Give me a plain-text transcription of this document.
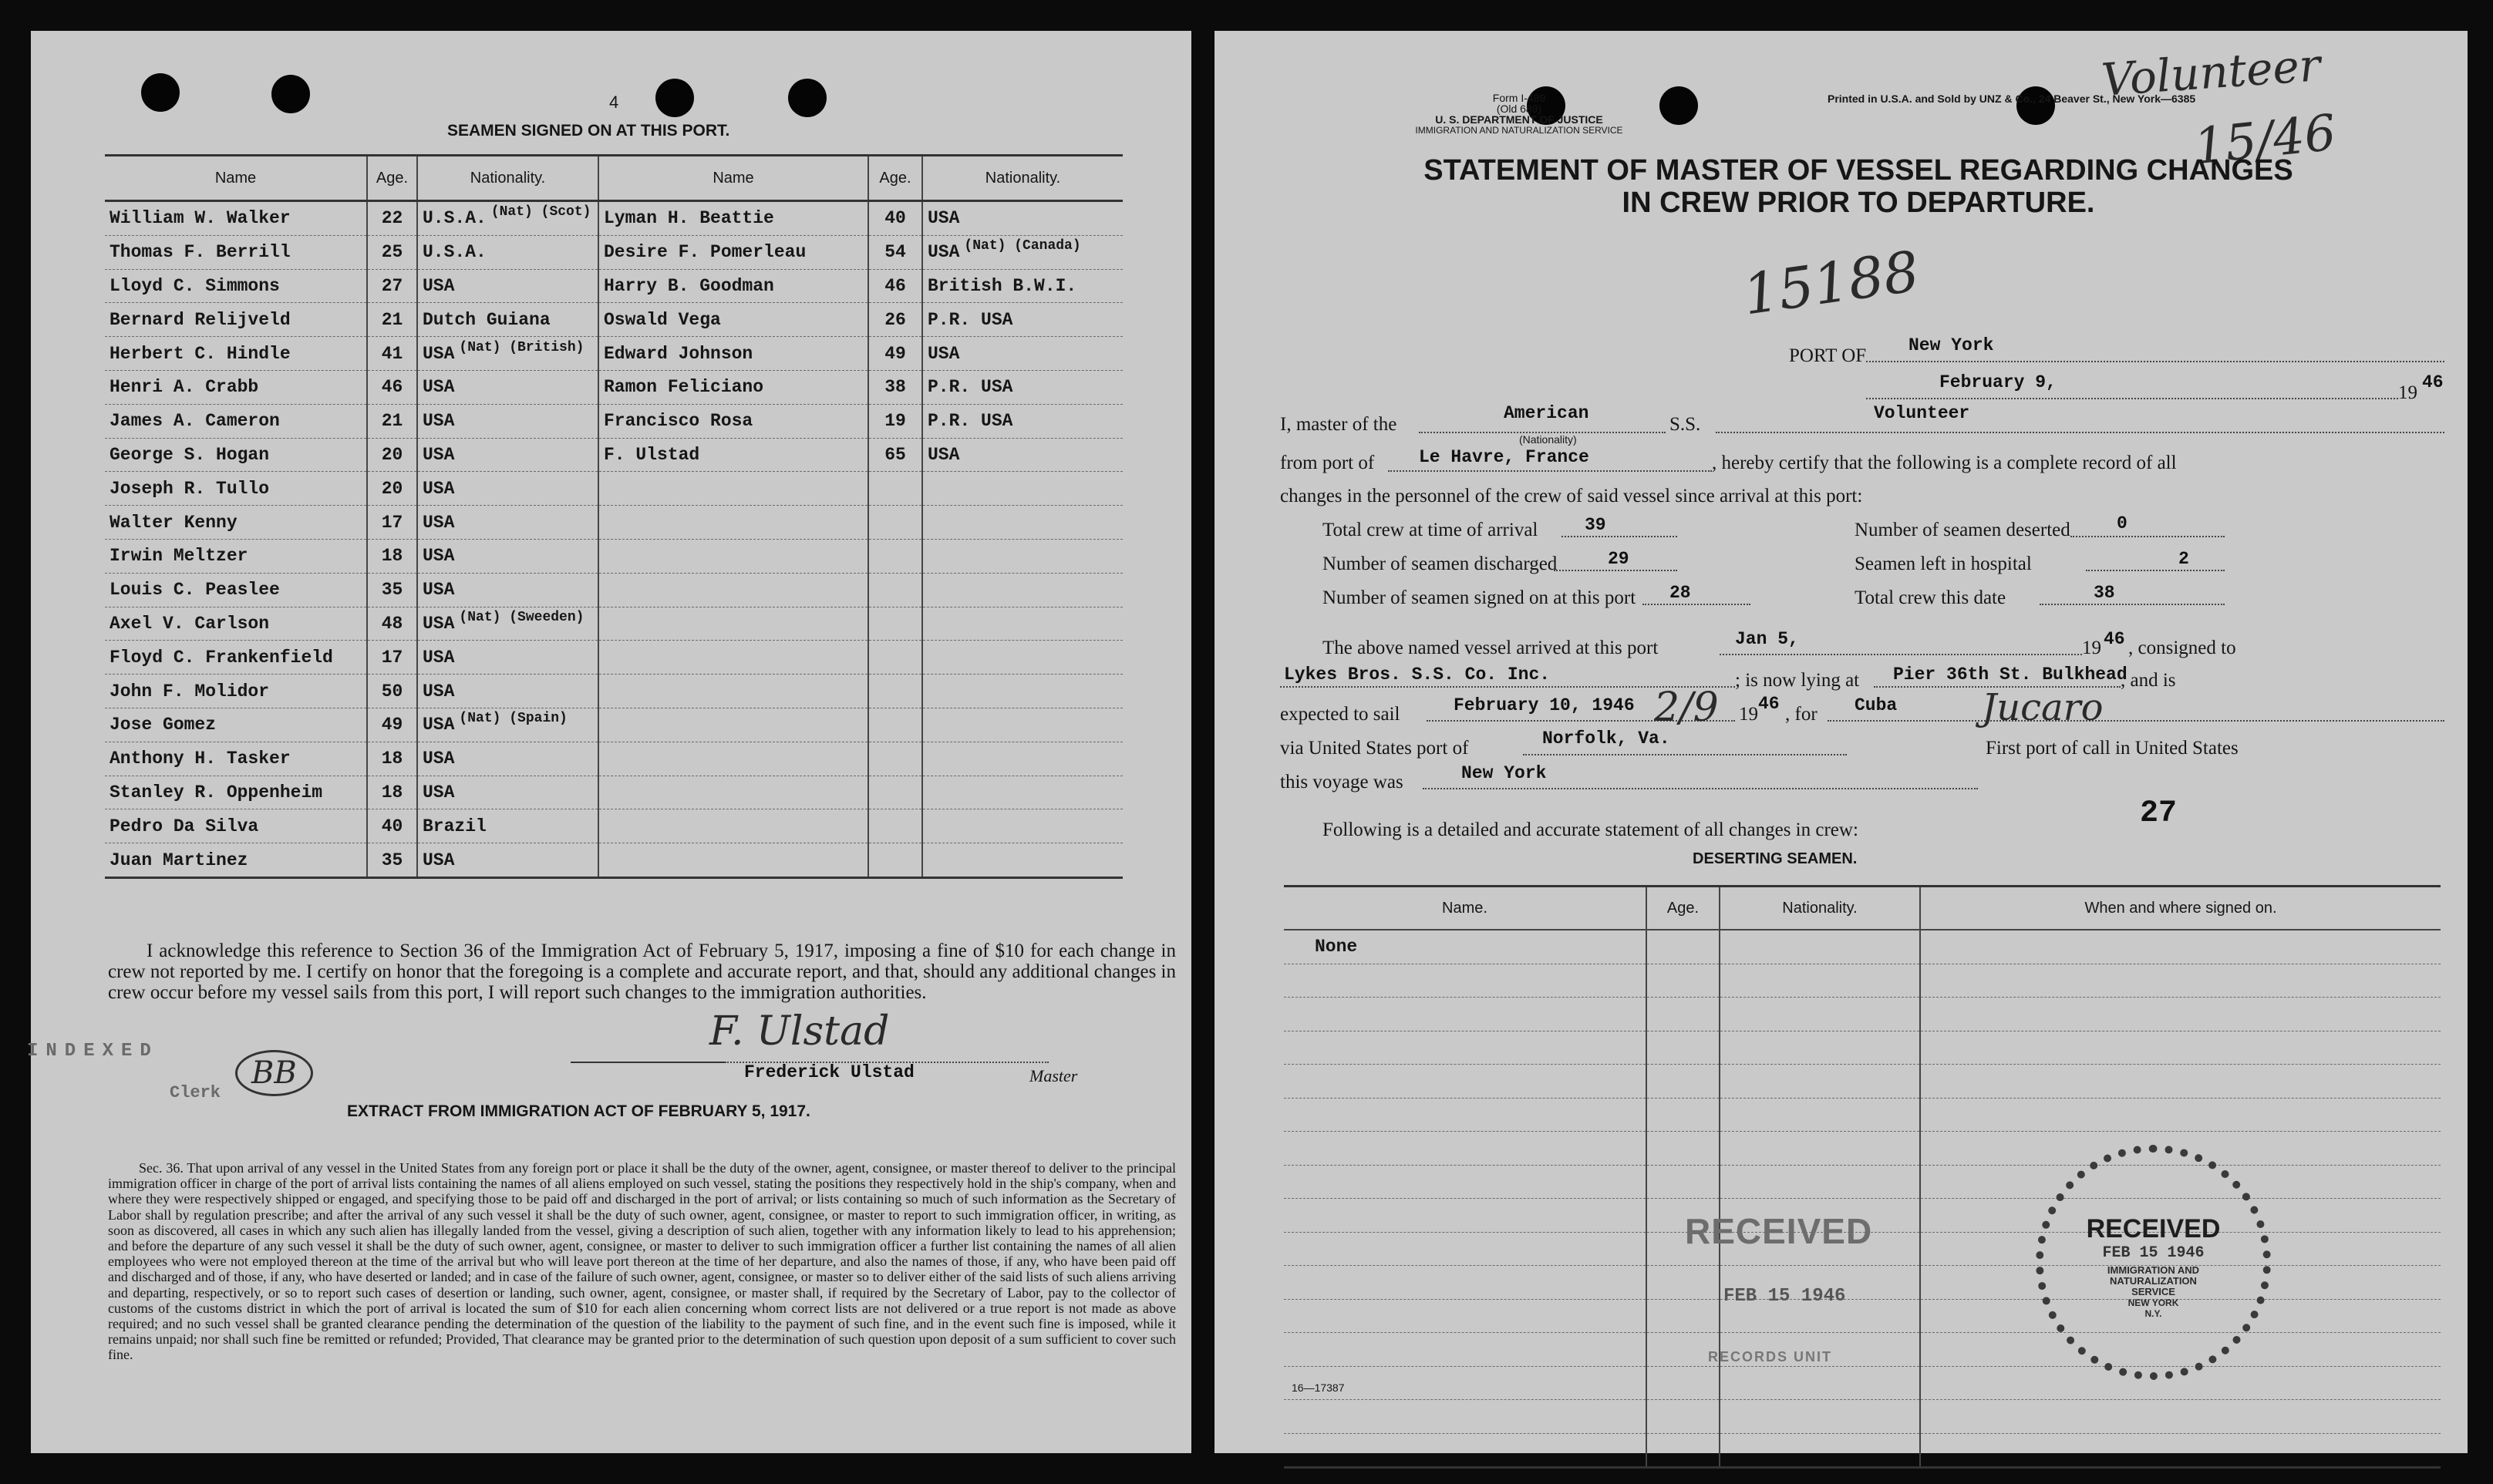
4
SEAMEN SIGNED ON AT THIS PORT.
Name	Age.	Nationality.	Name	Age.	Nationality.
William W. Walker	22	U.S.A. $^{(Nat) (Scot)}$	Lyman H. Beattie	40	USA
Thomas F. Berrill	25	U.S.A.	Desire F. Pomerleau	54	USA $^{(Nat) (Canada)}$
Lloyd C. Simmons	27	USA	Harry B. Goodman	46	British B.W.I.
Bernard Relijveld	21	Dutch Guiana	Oswald Vega	26	P.R. USA
Herbert C. Hindle	41	USA $^{(Nat) (British)}$	Edward Johnson	49	USA
Henri A. Crabb	46	USA	Ramon Feliciano	38	P.R. USA
James A. Cameron	21	USA	Francisco Rosa	19	P.R. USA
George S. Hogan	20	USA	F. Ulstad	65	USA
Joseph R. Tullo	20	USA			
Walter Kenny	17	USA			
Irwin Meltzer	18	USA			
Louis C. Peaslee	35	USA			
Axel V. Carlson	48	USA $^{(Nat) (Sweeden)}$			
Floyd C. Frankenfield	17	USA			
John F. Molidor	50	USA			
Jose Gomez	49	USA $^{(Nat) (Spain)}$			
Anthony H. Tasker	18	USA			
Stanley R. Oppenheim	18	USA			
Pedro Da Silva	40	Brazil			
Juan Martinez	35	USA			
I acknowledge this reference to Section 36 of the Immigration Act of February 5, 1917, imposing a fine of $10 for each change in crew not reported by me. I certify on honor that the foregoing is a complete and accurate report, and that, should any additional changes in crew occur before my vessel sails from this port, I will report such changes to the immigration authorities.
F. Ulstad
Frederick Ulstad	Master
INDEXED
Clerk
BB
EXTRACT FROM IMMIGRATION ACT OF FEBRUARY 5, 1917.
Sec. 36. That upon arrival of any vessel in the United States from any foreign port or place it shall be the duty of the owner, agent, consignee, or master thereof to deliver to the principal immigration officer in charge of the port of arrival lists containing the names of all aliens employed on such vessel, stating the positions they respectively hold in the ship's company, when and where they were respectively shipped or engaged, and specifying those to be paid off and discharged in the port of arrival; or lists containing so much of such information as the Secretary of Labor shall by regulation prescribe; and after the arrival of any such vessel it shall be the duty of such owner, agent, consignee, or master to report to such immigration officer, in writing, as soon as discovered, all cases in which any such alien has illegally landed from the vessel, giving a description of such alien, together with any information likely to lead to his apprehension; and before the departure of any such vessel it shall be the duty of such owner, agent, consignee, or master to deliver to such immigration officer a further list containing the names of all alien employees who were not employed thereon at the time of the arrival but who will leave port thereon at the time of her departure, and also the names of those, if any, who have been paid off and discharged and of those, if any, who have deserted or landed; and in case of the failure of such owner, agent, consignee, or master so to deliver either of the said lists of such aliens arriving and departing, respectively, or so to report such cases of desertion or landing, such owner, agent, consignee, or master shall, if required by the Secretary of Labor, pay to the collector of customs of the customs district in which the port of arrival is located the sum of $10 for each alien concerning whom correct lists are not delivered or a true report is not made as above required; and no such vessel shall be granted clearance pending the determination of the question of the liability to the payment of such fine, and in the event such fine is imposed, while it remains unpaid; nor shall such fine be remitted or refunded; Provided, That clearance may be granted prior to the determination of such question upon deposit of a sum sufficient to cover such fine.
Form I-489
(Old 689)
U. S. DEPARTMENT OF JUSTICE
IMMIGRATION AND NATURALIZATION SERVICE
Printed in U.S.A. and Sold by UNZ & Co., 24 Beaver St., New York—6385
Volunteer
15/46
STATEMENT OF MASTER OF VESSEL REGARDING CHANGES
IN CREW PRIOR TO DEPARTURE.
15188
PORT OF New York
February 9,	19 46
I, master of the
American
(Nationality)
S.S.
Volunteer
from port of	Le Havre, France	, hereby certify that the following is a complete record of all
changes in the personnel of the crew of said vessel since arrival at this port:
Total crew at time of arrival	39	Number of seamen deserted	0
Number of seamen discharged	29	Seamen left in hospital	2
Number of seamen signed on at this port 28	Total crew this date	38
The above named vessel arrived at this port	Jan 5,	19 46 , consigned to
Lykes Bros. S.S. Co. Inc.	; is now lying at Pier 36th St. Bulkhead
, and is
expected to sail	February 10, 1946 2/9 19 46 , for Cuba Jucaro
via United States port of	Norfolk, Va.	First port of call in United States
this voyage was	New York
27
Following is a detailed and accurate statement of all changes in crew:
DESERTING SEAMEN.
Name.	Age.	Nationality.	When and where signed on.
None			

RECEIVED
FEB 15 1946
RECORDS UNIT
RECEIVED
FEB 15 1946
IMMIGRATION AND NATURALIZATION SERVICE
NEW YORK
N.Y.
16—17387
